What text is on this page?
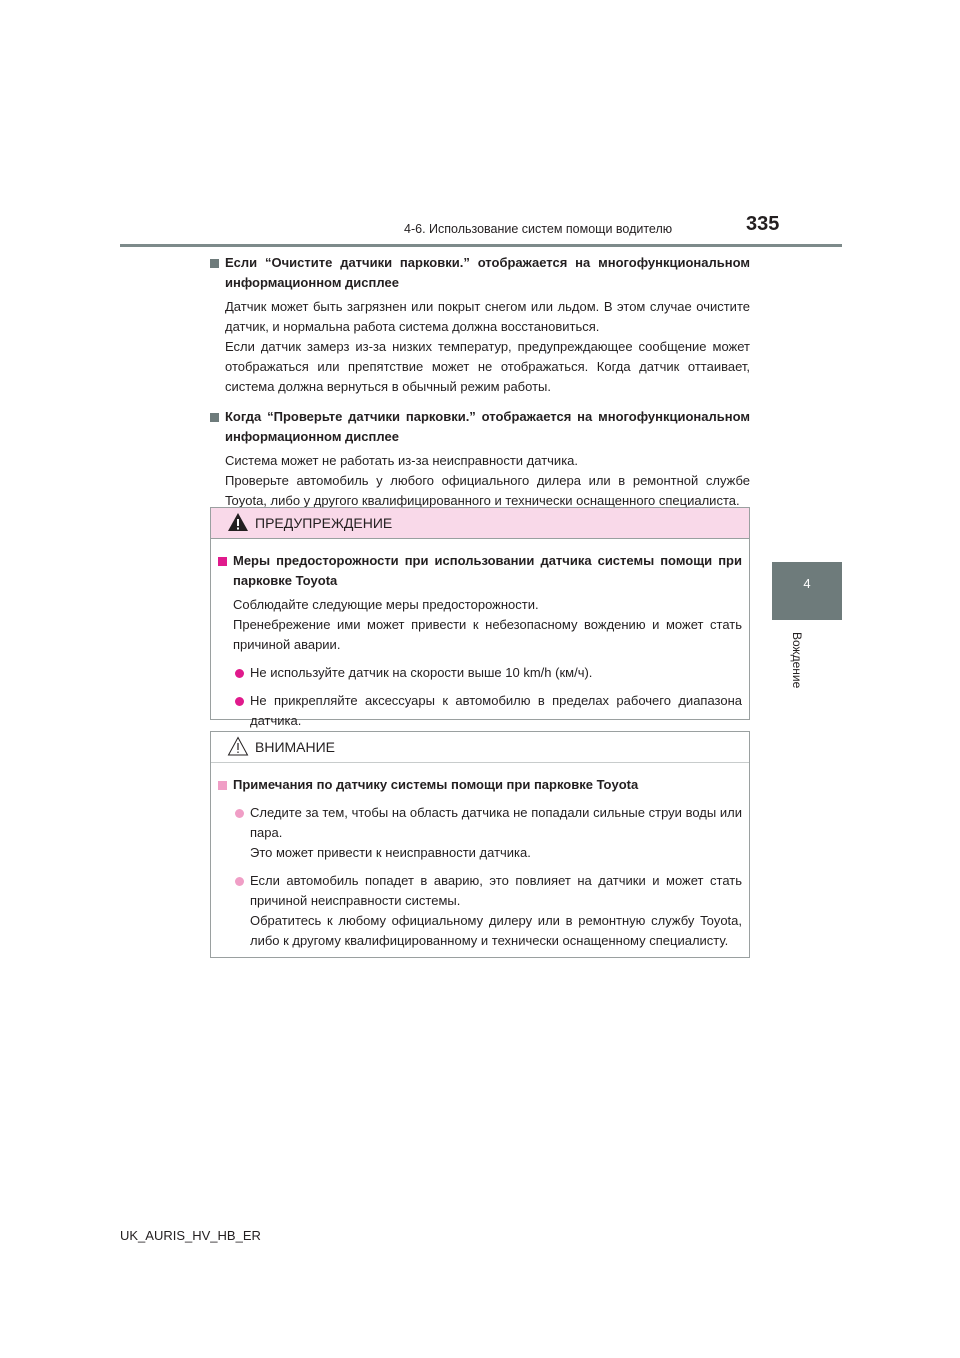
4-6. Использование систем помощи водителю	335
4
Вождение
Если “Очистите датчики парковки.” отображается на многофункциональном информационном дисплее
Датчик может быть загрязнен или покрыт снегом или льдом. В этом случае очистите датчик, и нормальна работа система должна восстановиться.
Если датчик замерз из-за низких температур, предупреждающее сообщение может отображаться или препятствие может не отображаться. Когда датчик оттаивает, система должна вернуться в обычный режим работы.
Когда “Проверьте датчики парковки.” отображается на многофункциональном информационном дисплее
Система может не работать из-за неисправности датчика.
Проверьте автомобиль у любого официального дилера или в ремонтной службе Toyota, либо у другого квалифицированного и технически оснащенного специалиста.
ПРЕДУПРЕЖДЕНИЕ
Меры предосторожности при использовании датчика системы помощи при парковке Toyota
Соблюдайте следующие меры предосторожности.
Пренебрежение ими может привести к небезопасному вождению и может стать причиной аварии.
Не используйте датчик на скорости выше 10 km/h (км/ч).
Не прикрепляйте аксессуары к автомобилю в пределах рабочего диапазона датчика.
ВНИМАНИЕ
Примечания по датчику системы помощи при парковке Toyota
Следите за тем, чтобы на область датчика не попадали сильные струи воды или пара.
Это может привести к неисправности датчика.
Если автомобиль попадет в аварию, это повлияет на датчики и может стать причиной неисправности системы.
Обратитесь к любому официальному дилеру или в ремонтную службу Toyota, либо к другому квалифицированному и технически оснащенному специалисту.
UK_AURIS_HV_HB_ER
